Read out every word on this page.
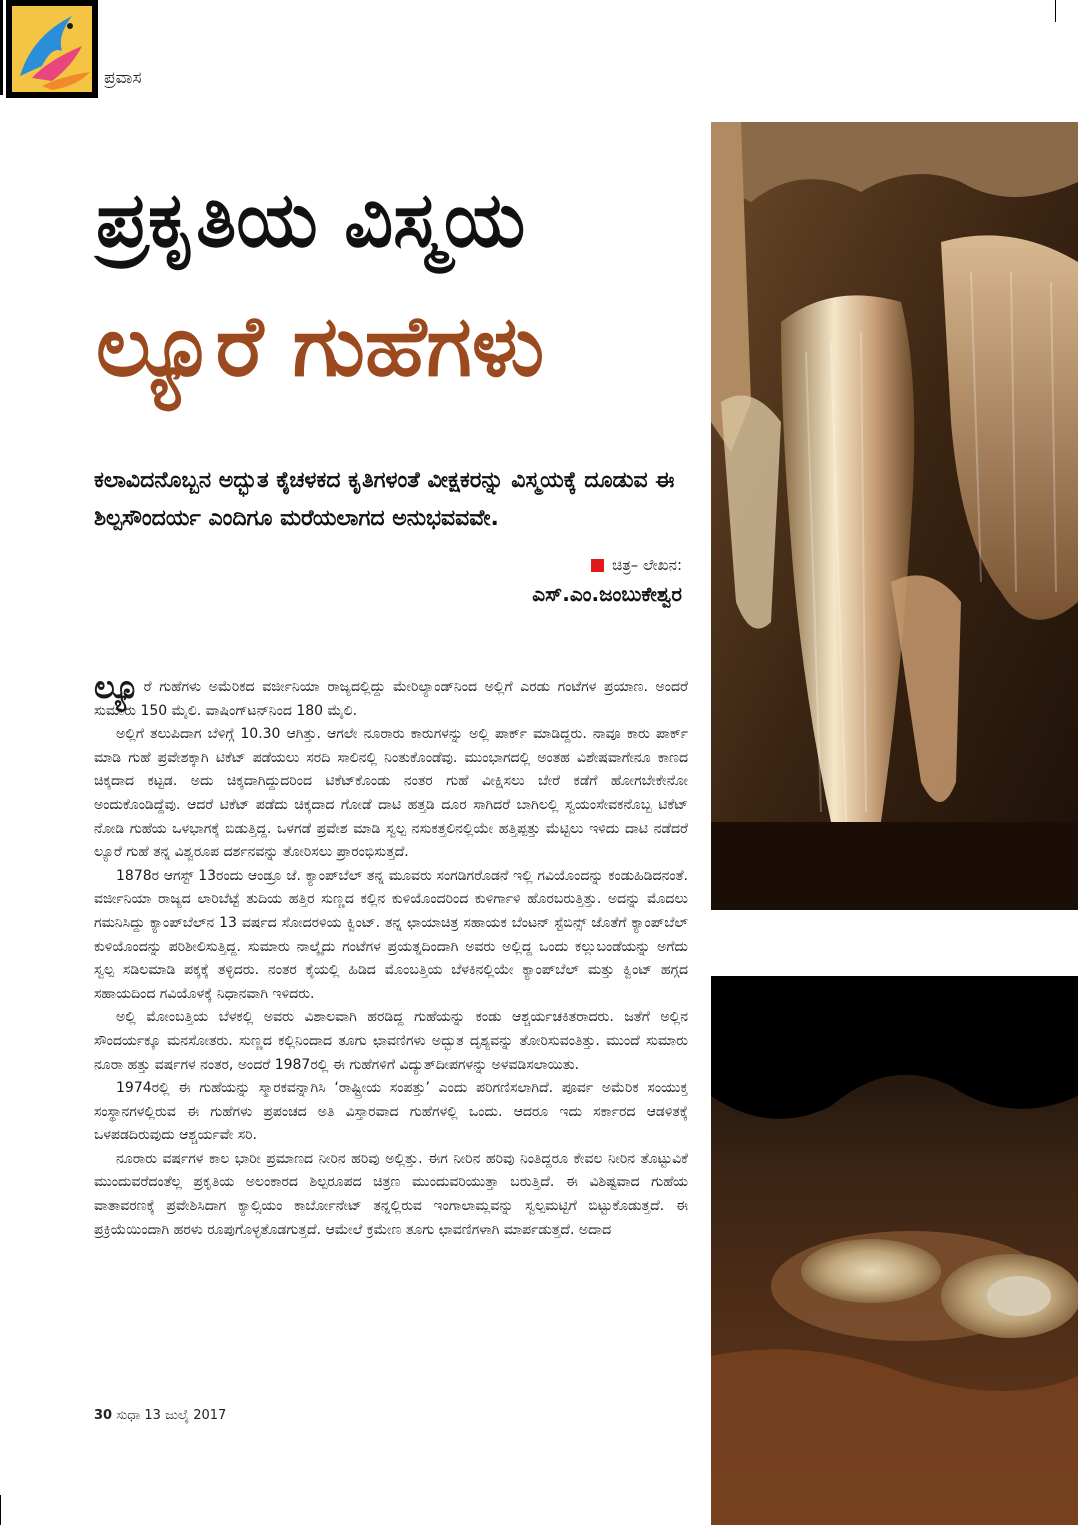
ಪ್ರವಾಸ
ಪ್ರಕೃತಿಯ ವಿಸ್ಮಯ
ಲ್ಯೂರೆ ಗುಹೆಗಳು
ಕಲಾವಿದನೊಬ್ಬನ ಅದ್ಭುತ ಕೈಚಳಕದ ಕೃತಿಗಳಂತೆ ವೀಕ್ಷಕರನ್ನು ವಿಸ್ಮಯಕ್ಕೆ ದೂಡುವ ಈ ಶಿಲ್ಪಸೌಂದರ್ಯ ಎಂದಿಗೂ ಮರೆಯಲಾಗದ ಅನುಭವವವೇ.
ಚಿತ್ರ– ಲೇಖನ:
ಎಸ್.ಎಂ.ಜಂಬುಕೇಶ್ವರ

ಲ್ಯೂ ರೆ ಗುಹೆಗಳು ಅಮೆರಿಕದ ವರ್ಜೀನಿಯಾ ರಾಜ್ಯದಲ್ಲಿದ್ದು ಮೇರಿಲ್ಯಾಂಡ್‌ನಿಂದ ಅಲ್ಲಿಗೆ ಎರಡು ಗಂಟೆಗಳ ಪ್ರಯಾಣ. ಅಂದರೆ ಸುಮಾರು 150 ಮೈಲಿ. ವಾಷಿಂಗ್‌ಟನ್‌ನಿಂದ 180 ಮೈಲಿ.

ಅಲ್ಲಿಗೆ ತಲುಪಿದಾಗ ಬೆಳಿಗ್ಗೆ 10.30 ಆಗಿತ್ತು. ಆಗಲೇ ನೂರಾರು ಕಾರುಗಳನ್ನು ಅಲ್ಲಿ ಪಾರ್ಕ್ ಮಾಡಿದ್ದರು. ನಾವೂ ಕಾರು ಪಾರ್ಕ್ ಮಾಡಿ ಗುಹೆ ಪ್ರವೇಶಕ್ಕಾಗಿ ಟಿಕೆಟ್ ಪಡೆಯಲು ಸರದಿ ಸಾಲಿನಲ್ಲಿ ನಿಂತುಕೊಂಡೆವು. ಮುಂಭಾಗದಲ್ಲಿ ಅಂತಹ ವಿಶೇಷವಾಗೇನೂ ಕಾಣದ ಚಿಕ್ಕದಾದ ಕಟ್ಟಡ. ಅದು ಚಿಕ್ಕದಾಗಿದ್ದುದರಿಂದ ಟಿಕೆಟ್‌ಕೊಂಡು ನಂತರ ಗುಹೆ ವೀಕ್ಷಿಸಲು ಬೇರೆ ಕಡೆಗೆ ಹೋಗಬೇಕೇನೋ ಅಂದುಕೊಂಡಿದ್ದೆವು. ಆದರೆ ಟಿಕೆಟ್ ಪಡೆದು ಚಿಕ್ಕದಾದ ಗೋಡೆ ದಾಟಿ ಹತ್ತಡಿ ದೂರ ಸಾಗಿದರೆ ಬಾಗಿಲಲ್ಲಿ ಸ್ವಯಂಸೇವಕನೊಬ್ಬ ಟಿಕೆಟ್ ನೋಡಿ ಗುಹೆಯ ಒಳಭಾಗಕ್ಕೆ ಬಿಡುತ್ತಿದ್ದ. ಒಳಗಡೆ ಪ್ರವೇಶ ಮಾಡಿ ಸ್ವಲ್ಪ ನಸುಕತ್ತಲಿನಲ್ಲಿಯೇ ಹತ್ತಿಪ್ಪತ್ತು ಮೆಟ್ಟಿಲು ಇಳಿದು ದಾಟಿ ನಡೆದರೆ ಲ್ಯೂರೆ ಗುಹೆ ತನ್ನ ವಿಶ್ವರೂಪ ದರ್ಶನವನ್ನು ತೋರಿಸಲು ಪ್ರಾರಂಭಿಸುತ್ತದೆ.

1878ರ ಆಗಸ್ಟ್ 13ರಂದು ಆಂಡ್ರೂ ಜೆ. ಕ್ಯಾಂಪ್‌ಬೆಲ್ ತನ್ನ ಮೂವರು ಸಂಗಡಿಗರೊಡನೆ ಇಲ್ಲಿ ಗವಿಯೊಂದನ್ನು ಕಂಡುಹಿಡಿದನಂತೆ. ವರ್ಜೀನಿಯಾ ರಾಜ್ಯದ ಲಾರಿಬೆಟ್ಟೆ ತುದಿಯ ಹತ್ತಿರ ಸುಣ್ಣದ ಕಲ್ಲಿನ ಕುಳಿಯೊಂದರಿಂದ ಕುಳಿರ್ಗಾಳಿ ಹೊರಬರುತ್ತಿತ್ತು. ಅದನ್ನು ಮೊದಲು ಗಮನಿಸಿದ್ದು ಕ್ಯಾಂಪ್‌ಬೆಲ್‌ನ 13 ವರ್ಷದ ಸೋದರಳಿಯ ಕ್ವಿಂಟ್. ತನ್ನ ಛಾಯಾಚಿತ್ರ ಸಹಾಯಕ ಬೆಂಟನ್ ಸ್ಟೆಬಿನ್ಸ್ ಜೊತೆಗೆ ಕ್ಯಾಂಪ್‌ಬೆಲ್ ಕುಳಿಯೊಂದನ್ನು ಪರಿಶೀಲಿಸುತ್ತಿದ್ದ. ಸುಮಾರು ನಾಲ್ಕೈದು ಗಂಟೆಗಳ ಪ್ರಯತ್ನದಿಂದಾಗಿ ಅವರು ಅಲ್ಲಿದ್ದ ಒಂದು ಕಲ್ಲುಬಂಡೆಯನ್ನು ಅಗೆದು ಸ್ವಲ್ಪ ಸಡಿಲಮಾಡಿ ಪಕ್ಕಕ್ಕೆ ತಳ್ಳಿದರು. ನಂತರ ಕೈಯಲ್ಲಿ ಹಿಡಿದ ಮೊಂಬತ್ತಿಯ ಬೆಳಕಿನಲ್ಲಿಯೇ ಕ್ಯಾಂಪ್‌ಬೆಲ್ ಮತ್ತು ಕ್ವಿಂಟ್ ಹಗ್ಗದ ಸಹಾಯದಿಂದ ಗವಿಯೊಳಕ್ಕೆ ನಿಧಾನವಾಗಿ ಇಳಿದರು.

ಅಲ್ಲಿ ಮೋಂಬತ್ತಿಯ ಬೆಳಕಲ್ಲಿ ಅವರು ವಿಶಾಲವಾಗಿ ಹರಡಿದ್ದ ಗುಹೆಯನ್ನು ಕಂಡು ಆಶ್ಚರ್ಯಚಕಿತರಾದರು. ಜತೆಗೆ ಅಲ್ಲಿನ ಸೌಂದರ್ಯಕ್ಕೂ ಮನಸೋತರು. ಸುಣ್ಣದ ಕಲ್ಲಿನಿಂದಾದ ತೂಗು ಛಾವಣಿಗಳು ಅದ್ಭುತ ದೃಶ್ಯವನ್ನು ತೋರಿಸುವಂತಿತ್ತು. ಮುಂದೆ ಸುಮಾರು ನೂರಾ ಹತ್ತು ವರ್ಷಗಳ ನಂತರ, ಅಂದರೆ 1987ರಲ್ಲಿ ಈ ಗುಹೆಗಳಿಗೆ ವಿದ್ಯುತ್‌ದೀಪಗಳನ್ನು ಅಳವಡಿಸಲಾಯಿತು.

1974ರಲ್ಲಿ ಈ ಗುಹೆಯನ್ನು ಸ್ಮಾರಕವನ್ನಾಗಿಸಿ ‘ರಾಷ್ಟ್ರೀಯ ಸಂಪತ್ತು’ ಎಂದು ಪರಿಗಣಿಸಲಾಗಿದೆ. ಪೂರ್ವ ಅಮೆರಿಕ ಸಂಯುಕ್ತ ಸಂಸ್ಥಾನಗಳಲ್ಲಿರುವ ಈ ಗುಹೆಗಳು ಪ್ರಪಂಚದ ಅತಿ ವಿಸ್ತಾರವಾದ ಗುಹೆಗಳಲ್ಲಿ ಒಂದು. ಆದರೂ ಇದು ಸರ್ಕಾರದ ಆಡಳಿತಕ್ಕೆ ಒಳಪಡದಿರುವುದು ಆಶ್ಚರ್ಯವೇ ಸರಿ.

ನೂರಾರು ವರ್ಷಗಳ ಕಾಲ ಭಾರೀ ಪ್ರಮಾಣದ ನೀರಿನ ಹರಿವು ಅಲ್ಲಿತ್ತು. ಈಗ ನೀರಿನ ಹರಿವು ನಿಂತಿದ್ದರೂ ಕೇವಲ ನೀರಿನ ತೊಟ್ಟುವಿಕೆ ಮುಂದುವರೆದಂತೆಲ್ಲ ಪ್ರಕೃತಿಯ ಅಲಂಕಾರದ ಶಿಲ್ಪರೂಪದ ಚಿತ್ರಣ ಮುಂದುವರಿಯುತ್ತಾ ಬರುತ್ತಿದೆ. ಈ ವಿಶಿಷ್ಟವಾದ ಗುಹೆಯ ವಾತಾವರಣಕ್ಕೆ ಪ್ರವೇಶಿಸಿದಾಗ ಕ್ಯಾಲ್ಸಿಯಂ ಕಾರ್ಬೋನೇಟ್ ತನ್ನಲ್ಲಿರುವ ಇಂಗಾಲಾಮ್ಲವನ್ನು ಸ್ವಲ್ಪಮಟ್ಟಿಗೆ ಬಿಟ್ಟುಕೊಡುತ್ತದೆ. ಈ ಪ್ರಕ್ರಿಯೆಯಿಂದಾಗಿ ಹರಳು ರೂಪುಗೊಳ್ಳತೊಡಗುತ್ತದೆ. ಆಮೇಲೆ ಕ್ರಮೇಣ ತೂಗು ಛಾವಣಿಗಳಾಗಿ ಮಾರ್ಪಡುತ್ತದೆ. ಅದಾದ

30 ಸುಧಾ 13 ಜುಲೈ 2017
